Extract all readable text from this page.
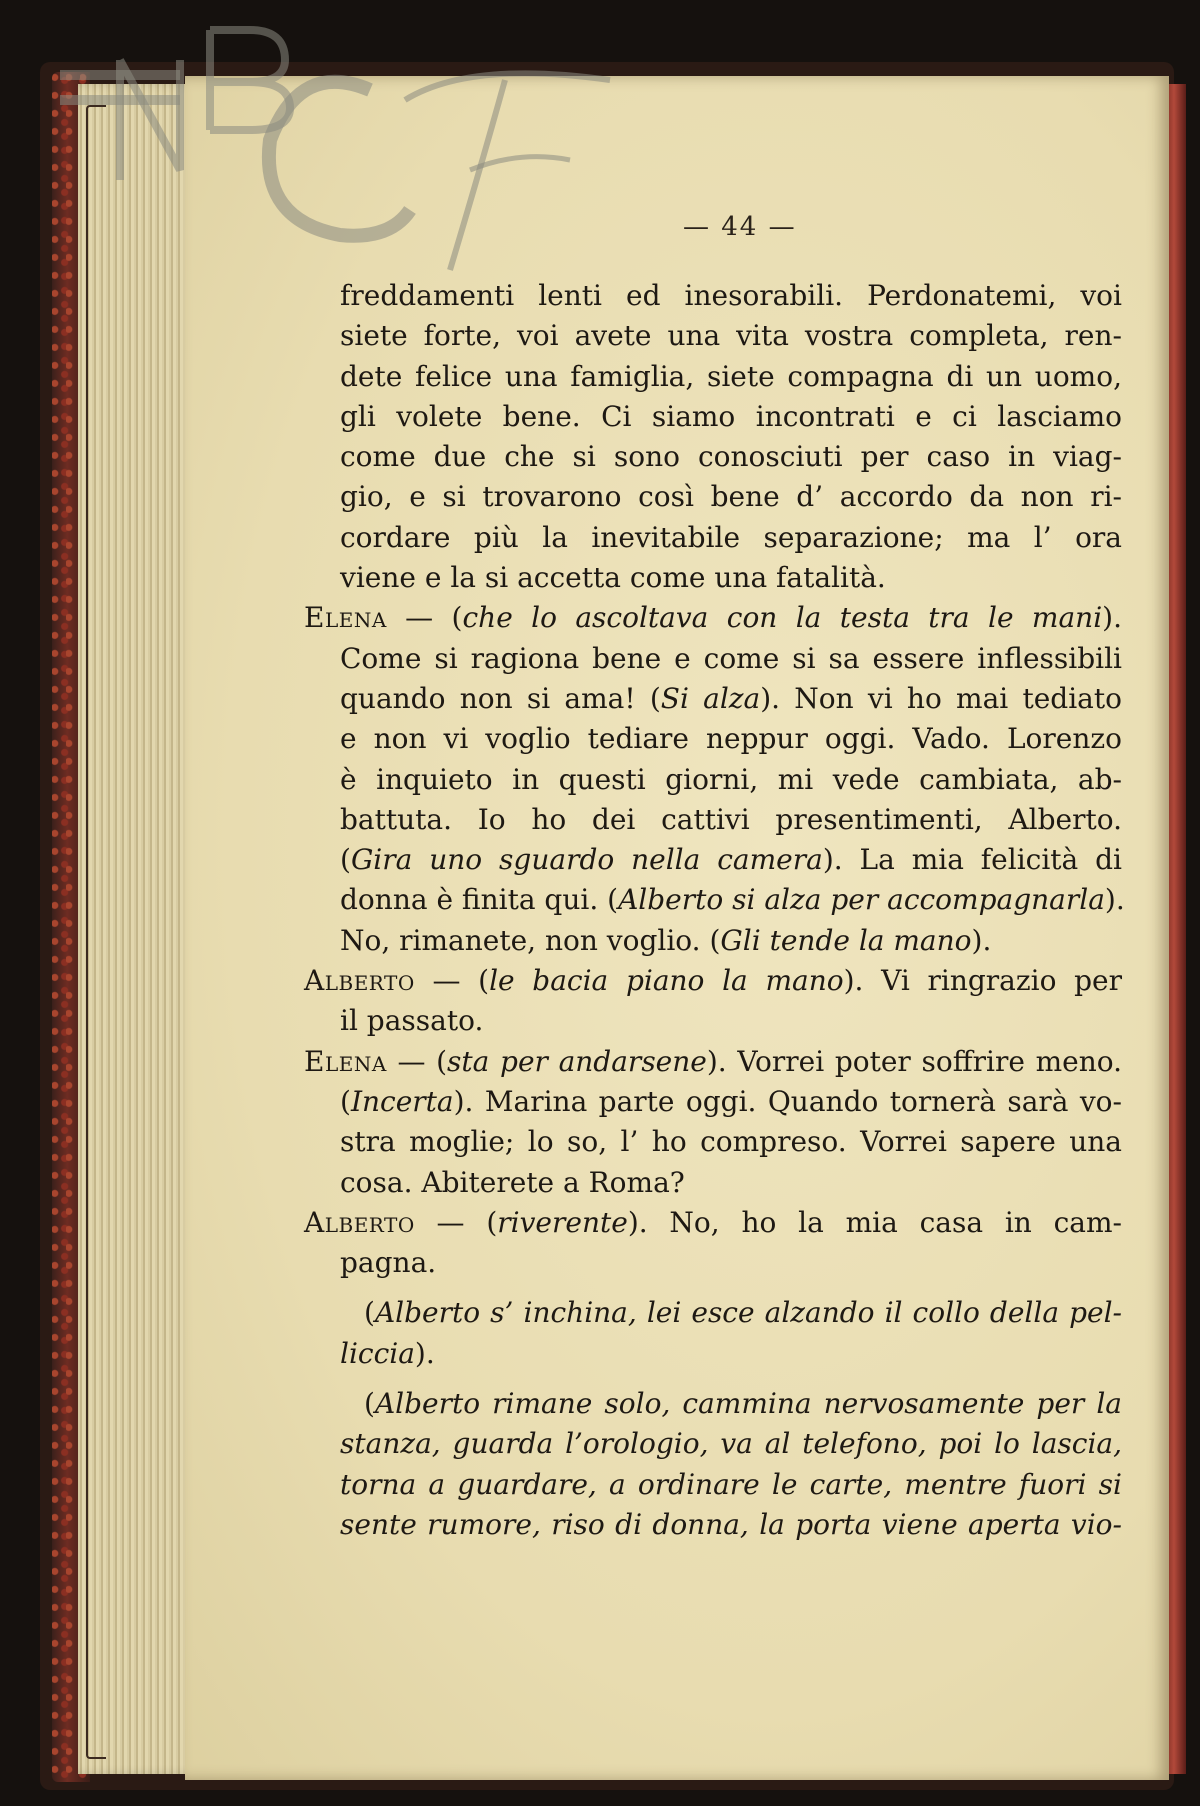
— 44 —
freddamenti lenti ed inesorabili. Perdonatemi, voi
siete forte, voi avete una vita vostra completa, ren-
dete felice una famiglia, siete compagna di un uomo,
gli volete bene. Ci siamo incontrati e ci lasciamo
come due che si sono conosciuti per caso in viag-
gio, e si trovarono così bene d’ accordo da non ri-
cordare più la inevitabile separazione; ma l’ ora
viene e la si accetta come una fatalità.
Elena — (che lo ascoltava con la testa tra le mani).
Come si ragiona bene e come si sa essere inflessibili
quando non si ama! (Si alza). Non vi ho mai tediato
e non vi voglio tediare neppur oggi. Vado. Lorenzo
è inquieto in questi giorni, mi vede cambiata, ab-
battuta. Io ho dei cattivi presentimenti, Alberto.
(Gira uno sguardo nella camera). La mia felicità di
donna è finita qui. (Alberto si alza per accompagnarla).
No, rimanete, non voglio. (Gli tende la mano).
Alberto — (le bacia piano la mano). Vi ringrazio per
il passato.
Elena — (sta per andarsene). Vorrei poter soffrire meno.
(Incerta). Marina parte oggi. Quando tornerà sarà vo-
stra moglie; lo so, l’ ho compreso. Vorrei sapere una
cosa. Abiterete a Roma?
Alberto — (riverente). No, ho la mia casa in cam-
pagna.
(Alberto s’ inchina, lei esce alzando il collo della pel-
liccia).
(Alberto rimane solo, cammina nervosamente per la
stanza, guarda l’orologio, va al telefono, poi lo lascia,
torna a guardare, a ordinare le carte, mentre fuori si
sente rumore, riso di donna, la porta viene aperta vio-
